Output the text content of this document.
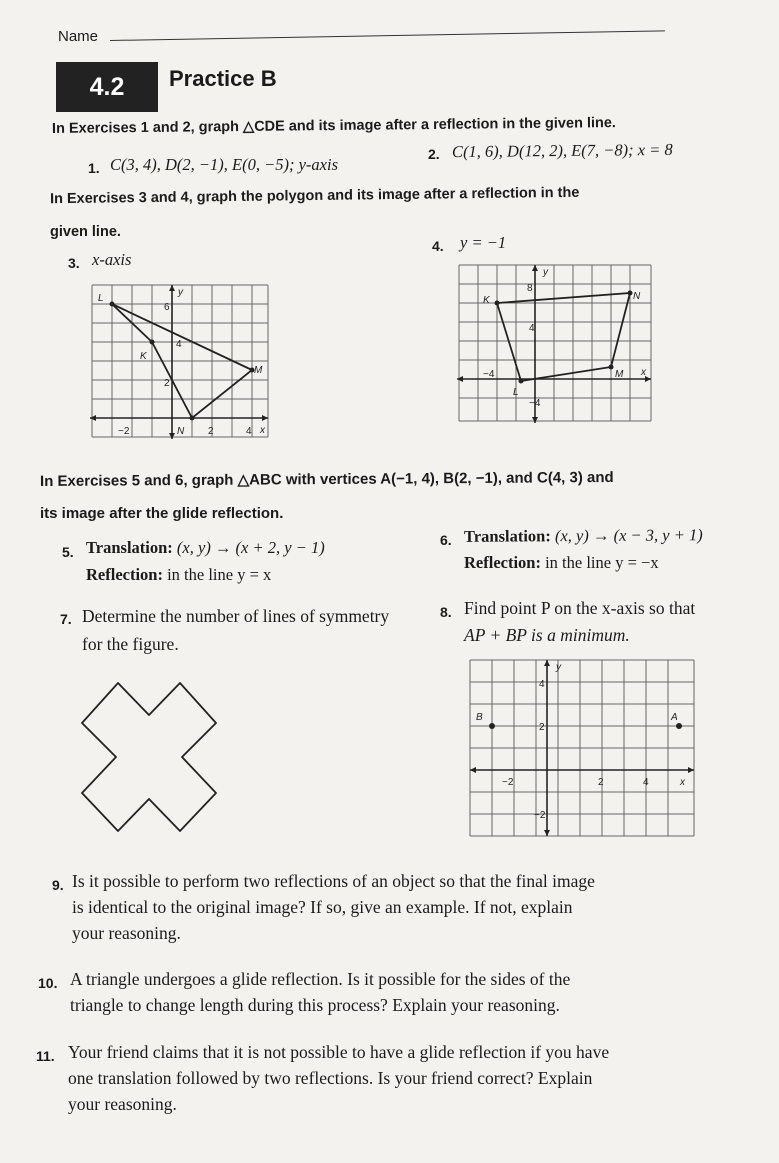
Name
4.2	Practice B
In Exercises 1 and 2, graph △CDE and its image after a reflection in the given line.
1. C(3, 4), D(2, −1), E(0, −5); y-axis
2. C(1, 6), D(12, 2), E(7, −8); x = 8
In Exercises 3 and 4, graph the polygon and its image after a reflection in the
given line.
3. x-axis
4. y = −1
y
x
6
4
2
−2	2	4
L
K
M
N
y
x
8
4
−4
−4
K	N
M
L
In Exercises 5 and 6, graph △ABC with vertices A(−1, 4), B(2, −1), and C(4, 3) and
its image after the glide reflection.
5. Translation: (x, y) → (x + 2, y − 1)
Reflection: in the line y = x
6. Translation: (x, y) → (x − 3, y + 1)
Reflection: in the line y = −x
7. Determine the number of lines of symmetry
for the figure.
8. Find point P on the x-axis so that
AP + BP is a minimum.
y
x
4
2
−2	2	4
−2
B	A
9. Is it possible to perform two reflections of an object so that the final image
is identical to the original image? If so, give an example. If not, explain
your reasoning.
10. A triangle undergoes a glide reflection. Is it possible for the sides of the
triangle to change length during this process? Explain your reasoning.
11. Your friend claims that it is not possible to have a glide reflection if you have
one translation followed by two reflections. Is your friend correct? Explain
your reasoning.
